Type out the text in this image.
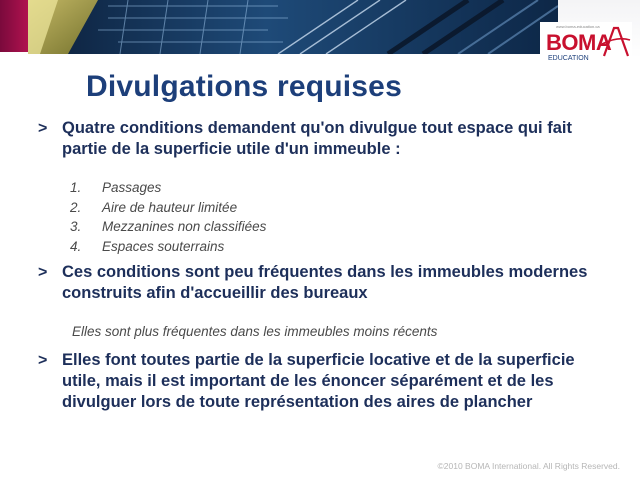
www.boma-education.ca
BOMA
EDUCATION
Divulgations requises
> Quatre conditions demandent qu'on divulgue tout espace qui fait partie de la superficie utile d'un immeuble :
1.	Passages
2.	Aire de hauteur limitée
3.	Mezzanines non classifiées
4.	Espaces souterrains
> Ces conditions sont peu fréquentes dans les immeubles modernes construits afin d'accueillir des bureaux
Elles sont plus fréquentes dans les immeubles moins récents
> Elles font toutes partie de la superficie locative et de la superficie utile, mais il est important de les énoncer séparément et de les divulguer lors de toute représentation des aires de plancher
©2010 BOMA International. All Rights Reserved.
